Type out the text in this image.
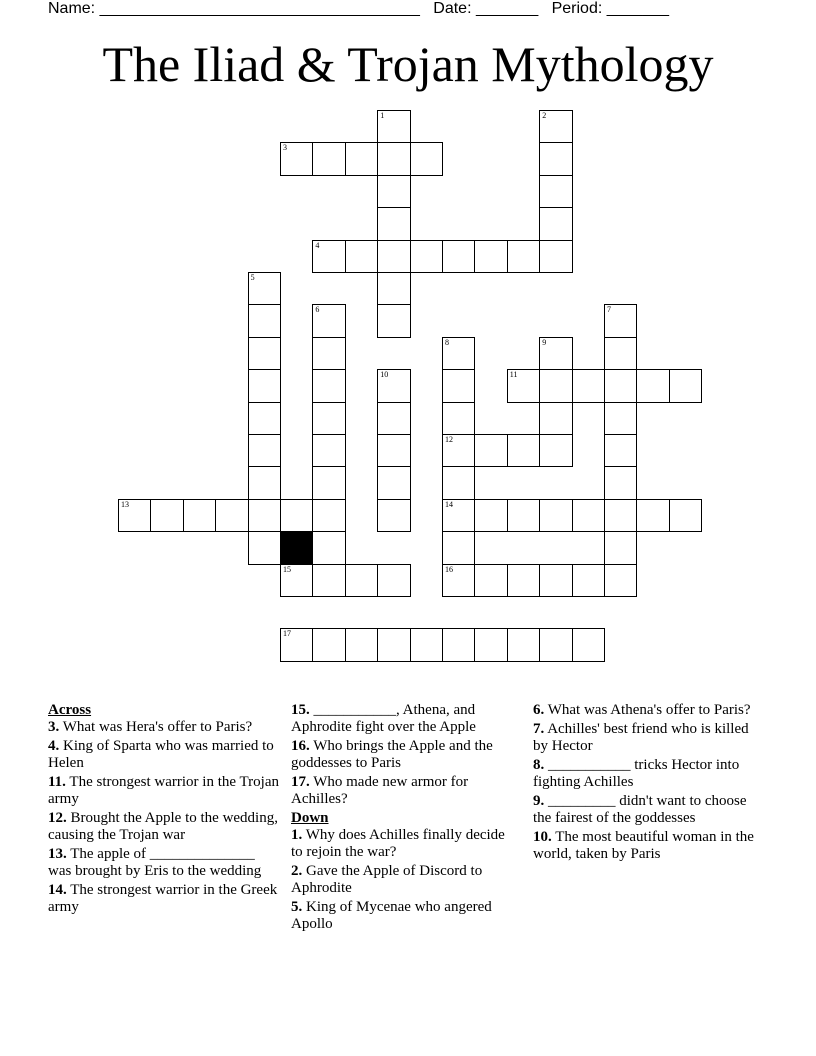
Name: ____________________________________ Date: _______ Period: _______
The Iliad & Trojan Mythology
1	2
3
4
5
6	7
8
12
14
16
9
10	11
13
15
17

Across

3. What was Hera's offer to Paris?

4. King of Sparta who was married to Helen

11. The strongest warrior in the Trojan army

12. Brought the Apple to the wedding, causing the Trojan war

13. The apple of ______________ was brought by Eris to the wedding

14. The strongest warrior in the Greek army

15. ___________, Athena, and Aphrodite fight over the Apple

16. Who brings the Apple and the goddesses to Paris

17. Who made new armor for Achilles?

Down

1. Why does Achilles finally decide to rejoin the war?

2. Gave the Apple of Discord to Aphrodite

5. King of Mycenae who angered Apollo

6. What was Athena's offer to Paris?

7. Achilles' best friend who is killed by Hector

8. ___________ tricks Hector into fighting Achilles

9. _________ didn't want to choose the fairest of the goddesses

10. The most beautiful woman in the world, taken by Paris
